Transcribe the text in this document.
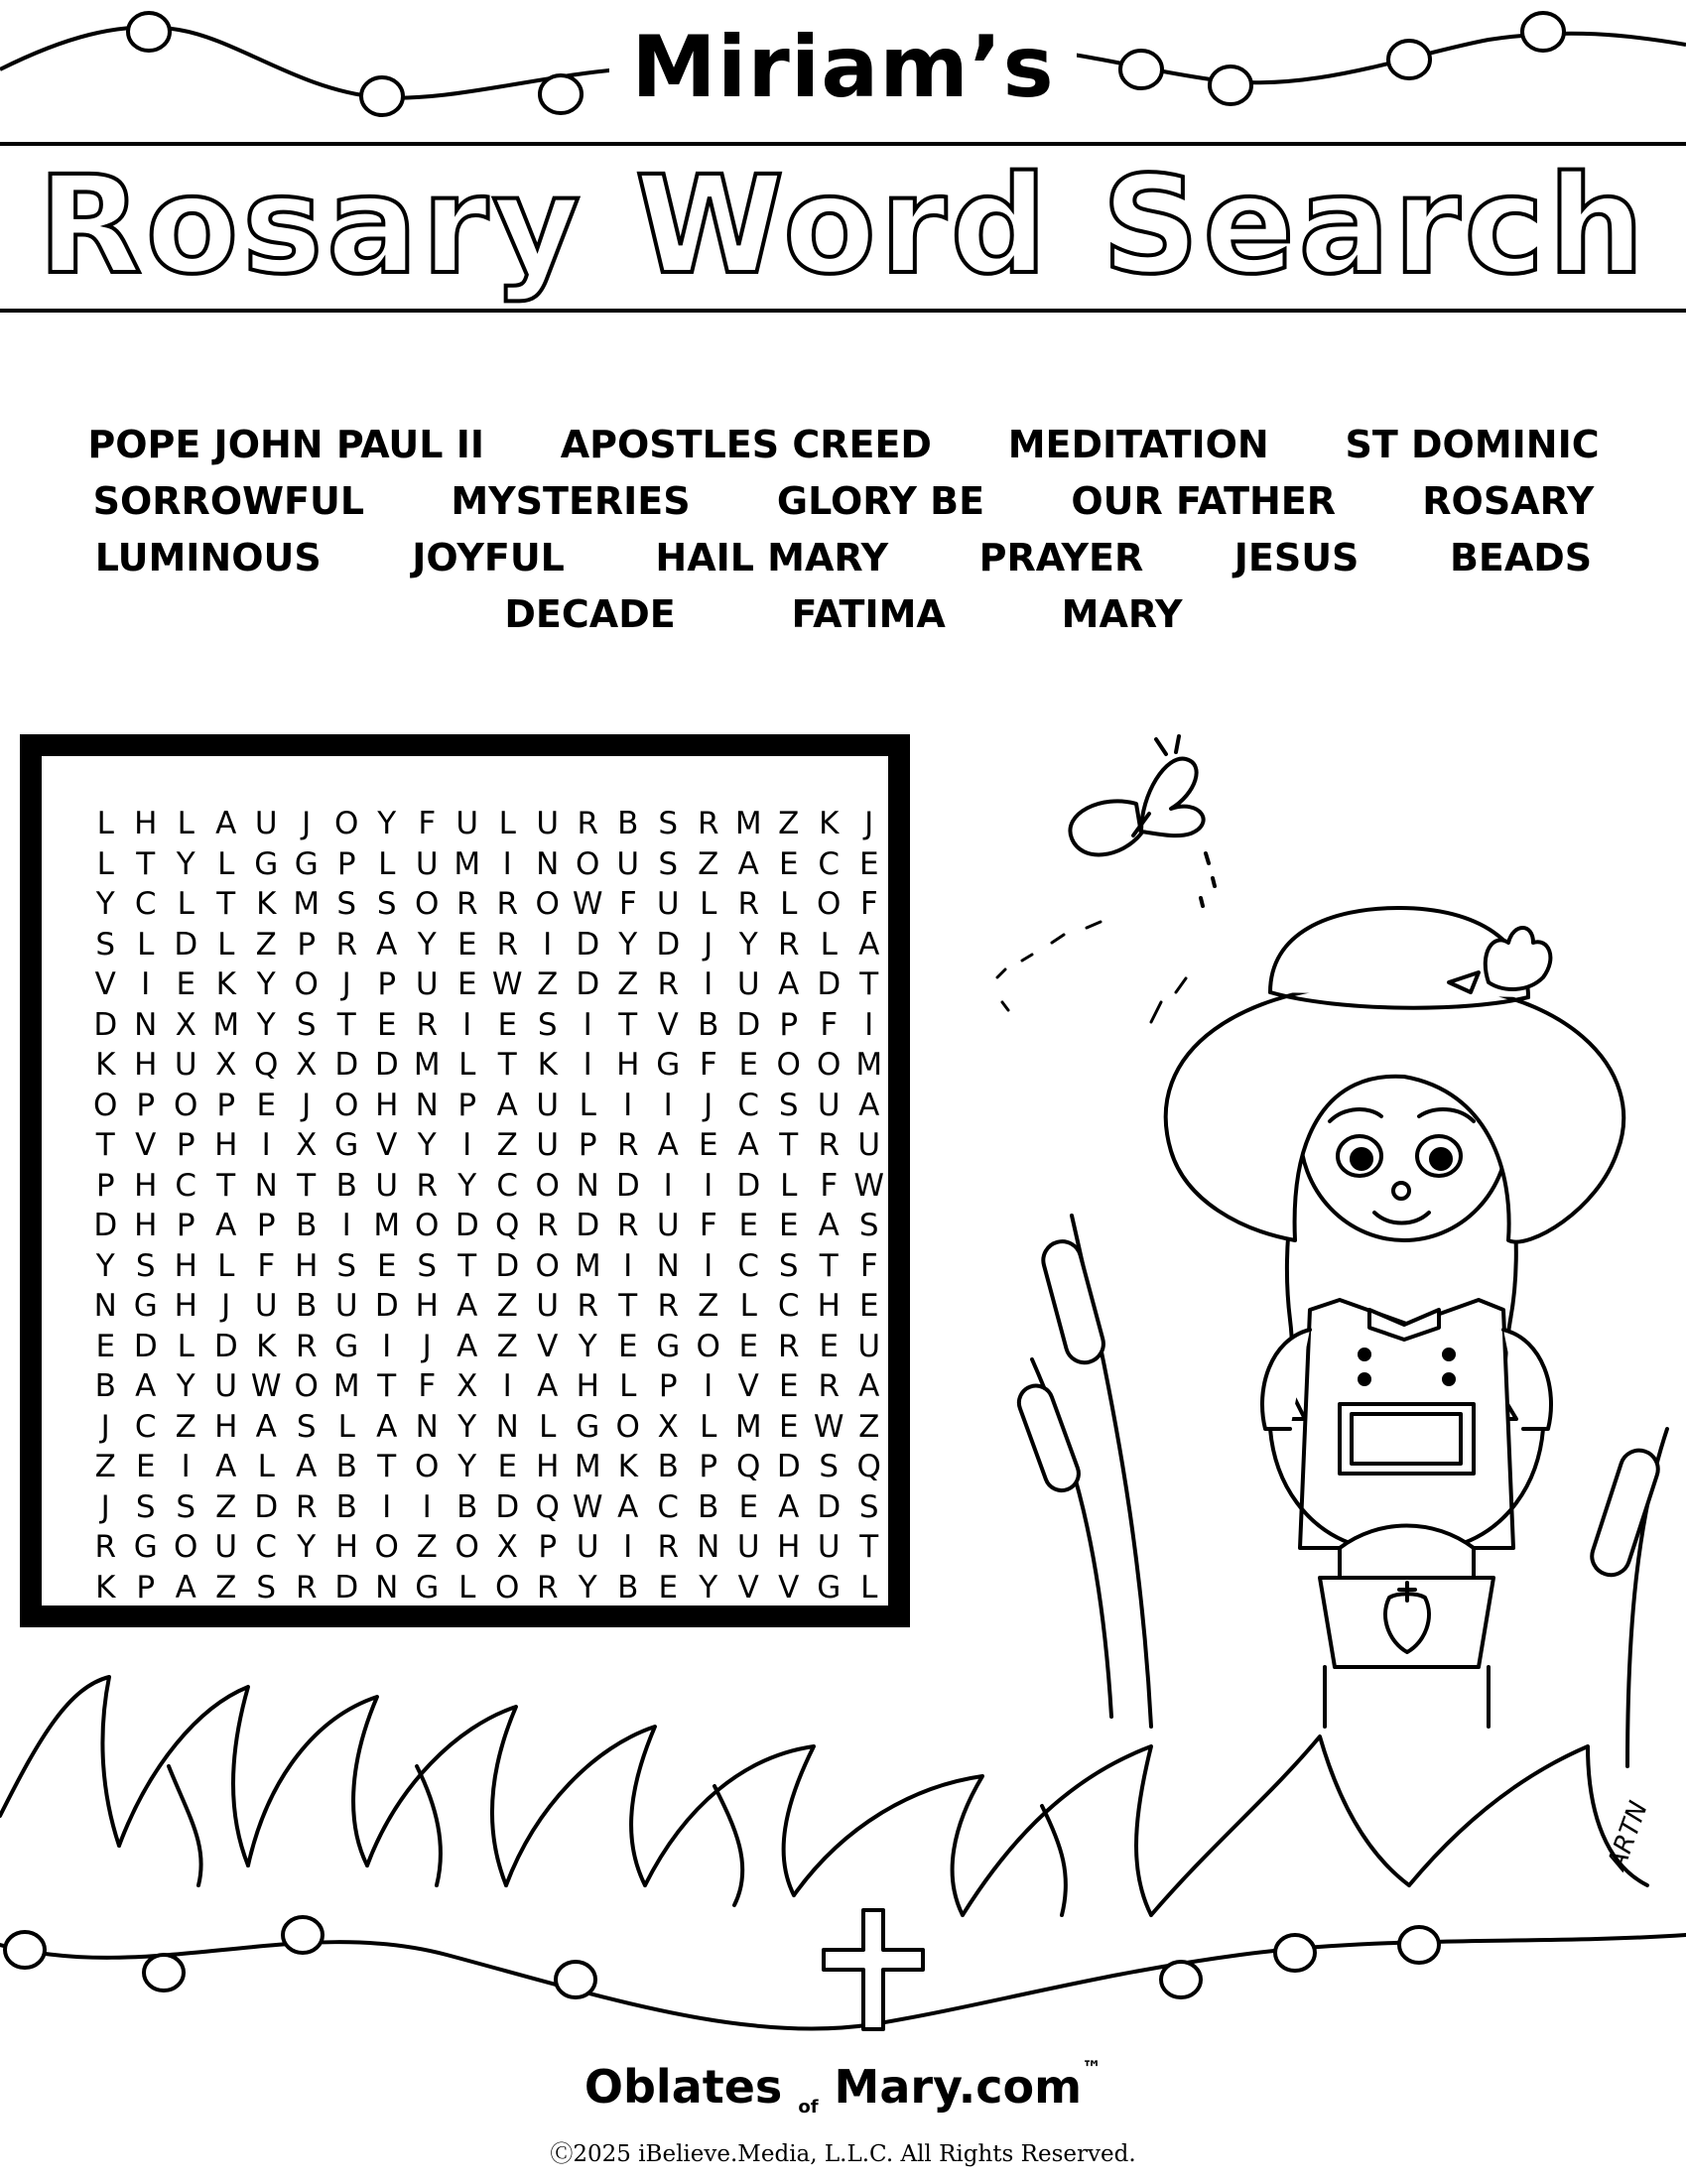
Miriam’s
Rosary Word Search
POPE JOHN PAUL II APOSTLES CREED MEDITATION ST DOMINIC
SORROWFUL MYSTERIES GLORY BE OUR FATHER ROSARY
LUMINOUS JOYFUL HAIL MARY PRAYER JESUS BEADS
DECADE	FATIMA	MARY
L H L A U J O Y F U L U R B S R M Z K J
L T Y L G G P L U M I N O U S Z A E C E
Y C L T K M S S O R R O W F U L R L O F
S L D L Z P R A Y E R I D Y D J Y R L A
V I E K Y O J P U E W Z D Z R I U A D T
D N X M Y S T E R I E S I T V B D P F I
K H U X Q X D D M L T K I H G F E O O M
O P O P E J O H N P A U L I	I	J C S U A
T V P H I X G V Y I Z U P R A E A T R U
P H C T N T B U R Y C O N D I	I D L F W
D H P A P B I M O D Q R D R U F E E A S
Y S H L F H S E S T D O M I N I C S T F
N G H J U B U D H A Z U R T R Z L C H E
E D L D K R G I	J A Z V Y E G O E R E U
B A Y U W O M T F X I A H L P I V E R A
J C Z H A S L A N Y N L G O X L M E W Z
Z E I A L A B T O Y E H M K B P Q D S Q
J S S Z D R B I	I B D Q W A C B E A D S
R G O U C Y H O Z O X P U I R N U H U T
K P A Z S R D N G L O R Y B E Y V V G L
ARTN
Oblates $_{of}$ Mary.com™
Ⓒ2025 iBelieve.Media, L.L.C. All Rights Reserved.
